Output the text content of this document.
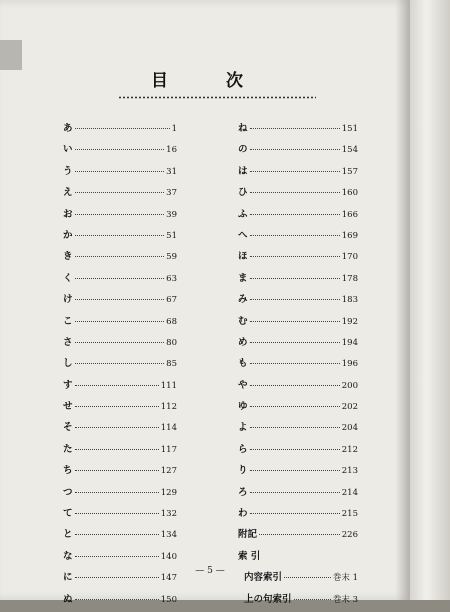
目 次
あ	1
い	16
う	31
え	37
お	39
か	51
き	59
く	63
け	67
こ	68
さ	80
し	85
す	111
せ	112
そ	114
た	117
ち	127
つ	129
て	132
と	134
な	140
に	147
ぬ	150
ね	151
の	154
は	157
ひ	160
ふ	166
へ	169
ほ	170
ま	178
み	183
む	192
め	194
も	196
や	200
ゆ	202
よ	204
ら	212
り	213
ろ	214
わ	215
附記	226
索 引
内容索引	巻末 1
上の句索引	巻末 3
— 5 —
